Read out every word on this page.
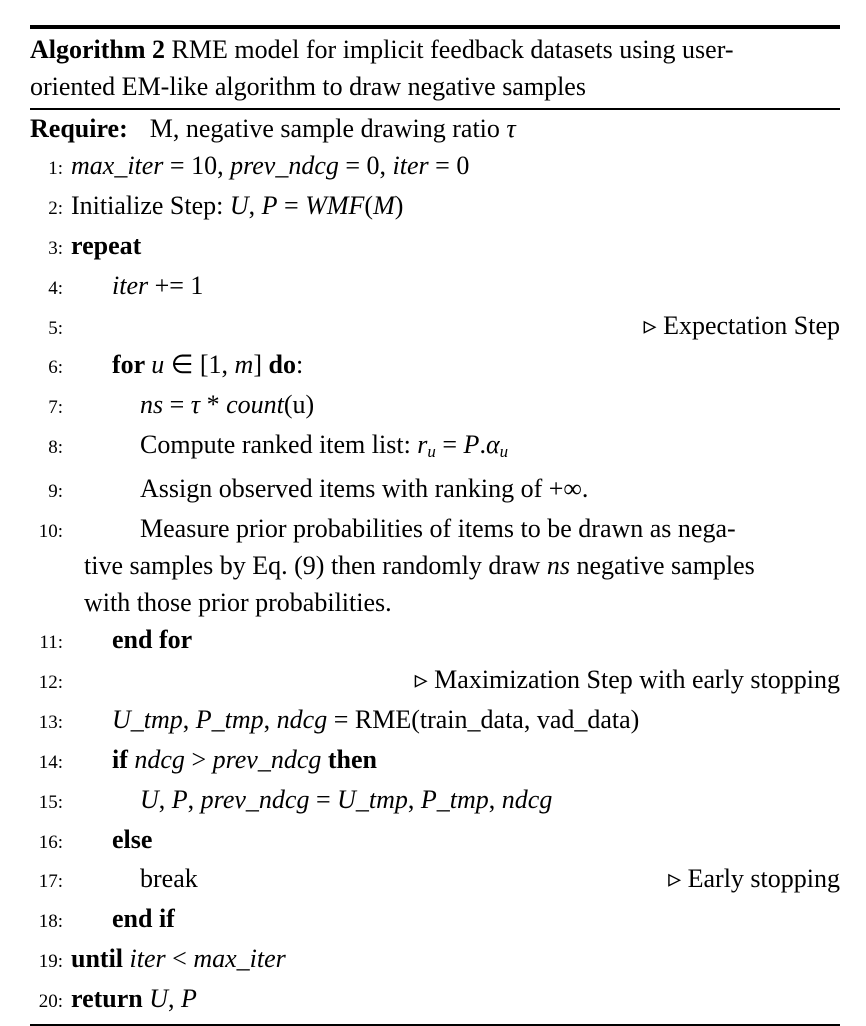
Algorithm 2 RME model for implicit feedback datasets using user-
oriented EM-like algorithm to draw negative samples
Require: M, negative sample drawing ratio τ
1: max_iter = 10, prev_ndcg = 0, iter = 0
2: Initialize Step: U, P = WMF(M)
3: repeat
4:	iter += 1
5:	▹ Expectation Step
6:	for u ∈ [1, m] do:
7:	ns = τ * count(u)
8:	Compute ranked item list: $r_u = P.\alpha_u$
9:	Assign observed items with ranking of +∞.
10:	Measure prior probabilities of items to be drawn as nega-
tive samples by Eq. (9) then randomly draw ns negative samples
with those prior probabilities.
11:	end for
12:	▹ Maximization Step with early stopping
13:	U_tmp, P_tmp, ndcg = RME(train_data, vad_data)
14:	if ndcg > prev_ndcg then
15:	U, P, prev_ndcg = U_tmp, P_tmp, ndcg
16:	else
17:	break	▹ Early stopping
18:	end if
19: until iter < max_iter
20: return U, P
